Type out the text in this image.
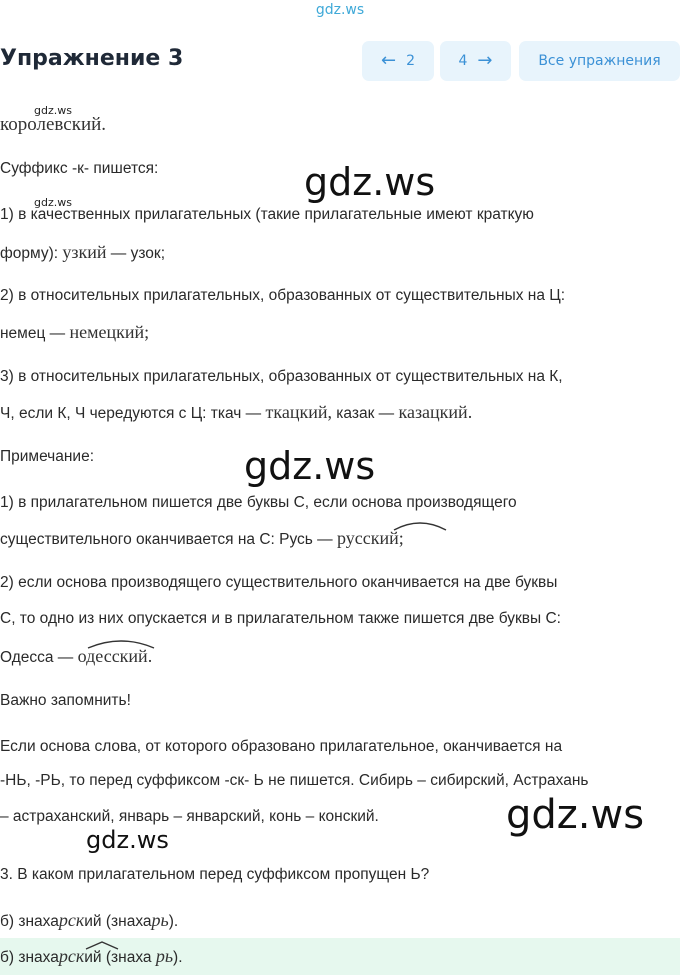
gdz.ws
Упражнение 3	← 2	4 →	Все упражнения
gdz.ws
королевский.
Суффикс -к- пишется:	gdz.ws
gdz.ws
1) в качественных прилагательных (такие прилагательные имеют краткую
форму): узкий — узок;
2) в относительных прилагательных, образованных от существительных на Ц:
немец — немецкий;
3) в относительных прилагательных, образованных от существительных на К,
Ч, если К, Ч чередуются с Ц: ткач — ткацкий, казак — казацкий.
Примечание:	gdz.ws
1) в прилагательном пишется две буквы С, если основа производящего
существительного оканчивается на С: Русь — русский;
2) если основа производящего существительного оканчивается на две буквы
С, то одно из них опускается и в прилагательном также пишется две буквы С:
Одесса — одесский.
Важно запомнить!
Если основа слова, от которого образовано прилагательное, оканчивается на
-НЬ, -РЬ, то перед суффиксом -ск- Ь не пишется. Сибирь – сибирский, Астрахань
– астраханский, январь – январский, конь – конский.	gdz.ws
gdz.ws
3. В каком прилагательном перед суффиксом пропущен Ь?
б) знахарский (знахарь).
б) знахарский (знаха рь).
